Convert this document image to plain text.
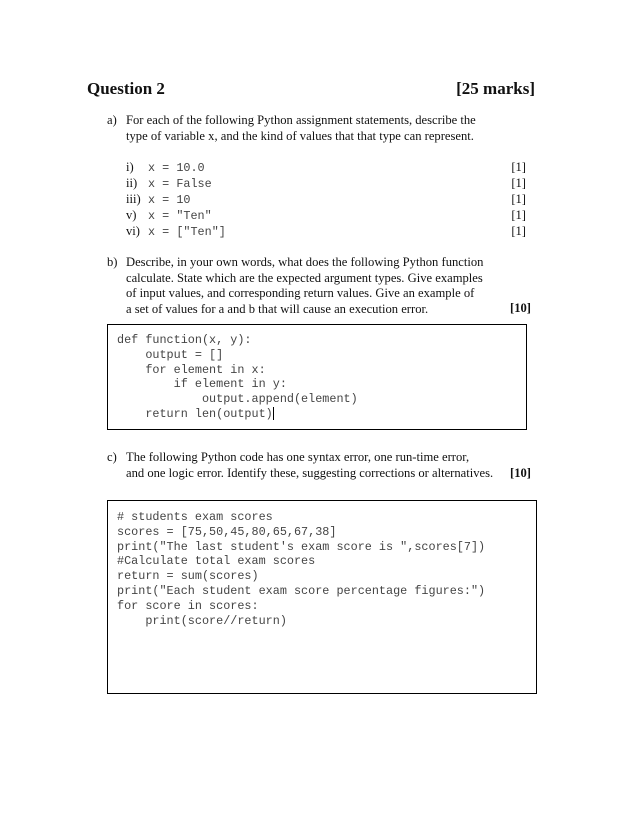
Question 2	[25 marks]
a) For each of the following Python assignment statements, describe the
type of variable x, and the kind of values that that type can represent.
i) x = 10.0	[1]
ii) x = False	[1]
iii) x = 10	[1]
v) x = "Ten"	[1]
vi) x = ["Ten"]	[1]
b) Describe, in your own words, what does the following Python function
calculate. State which are the expected argument types. Give examples
of input values, and corresponding return values. Give an example of
a set of values for a and b that will cause an execution error.	[10]
def function(x, y):
output = []
for element in x:
if element in y:
output.append(element)
return len(output)
c) The following Python code has one syntax error, one run-time error,
and one logic error. Identify these, suggesting corrections or alternatives. [10]
# students exam scores
scores = [75,50,45,80,65,67,38]
print("The last student's exam score is ",scores[7])
#Calculate total exam scores
return = sum(scores)
print("Each student exam score percentage figures:")
for score in scores:
print(score//return)
